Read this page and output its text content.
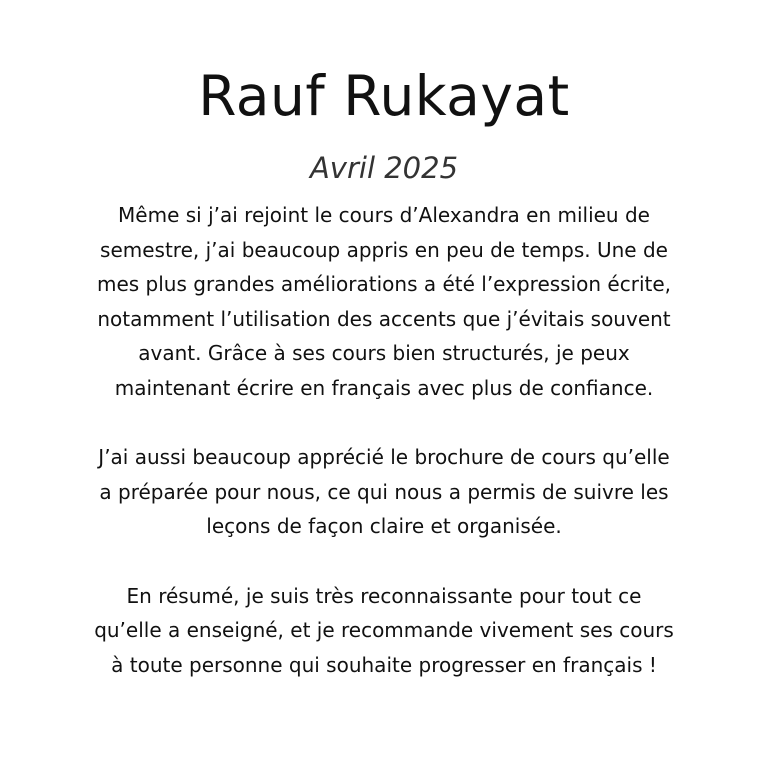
Rauf Rukayat
Avril 2025

Même si j’ai rejoint le cours d’Alexandra en milieu de
semestre, j’ai beaucoup appris en peu de temps. Une de
mes plus grandes améliorations a été l’expression écrite,
notamment l’utilisation des accents que j’évitais souvent
avant. Grâce à ses cours bien structurés, je peux
maintenant écrire en français avec plus de confiance.

J’ai aussi beaucoup apprécié le brochure de cours qu’elle
a préparée pour nous, ce qui nous a permis de suivre les
leçons de façon claire et organisée.

En résumé, je suis très reconnaissante pour tout ce
qu’elle a enseigné, et je recommande vivement ses cours
à toute personne qui souhaite progresser en français !
